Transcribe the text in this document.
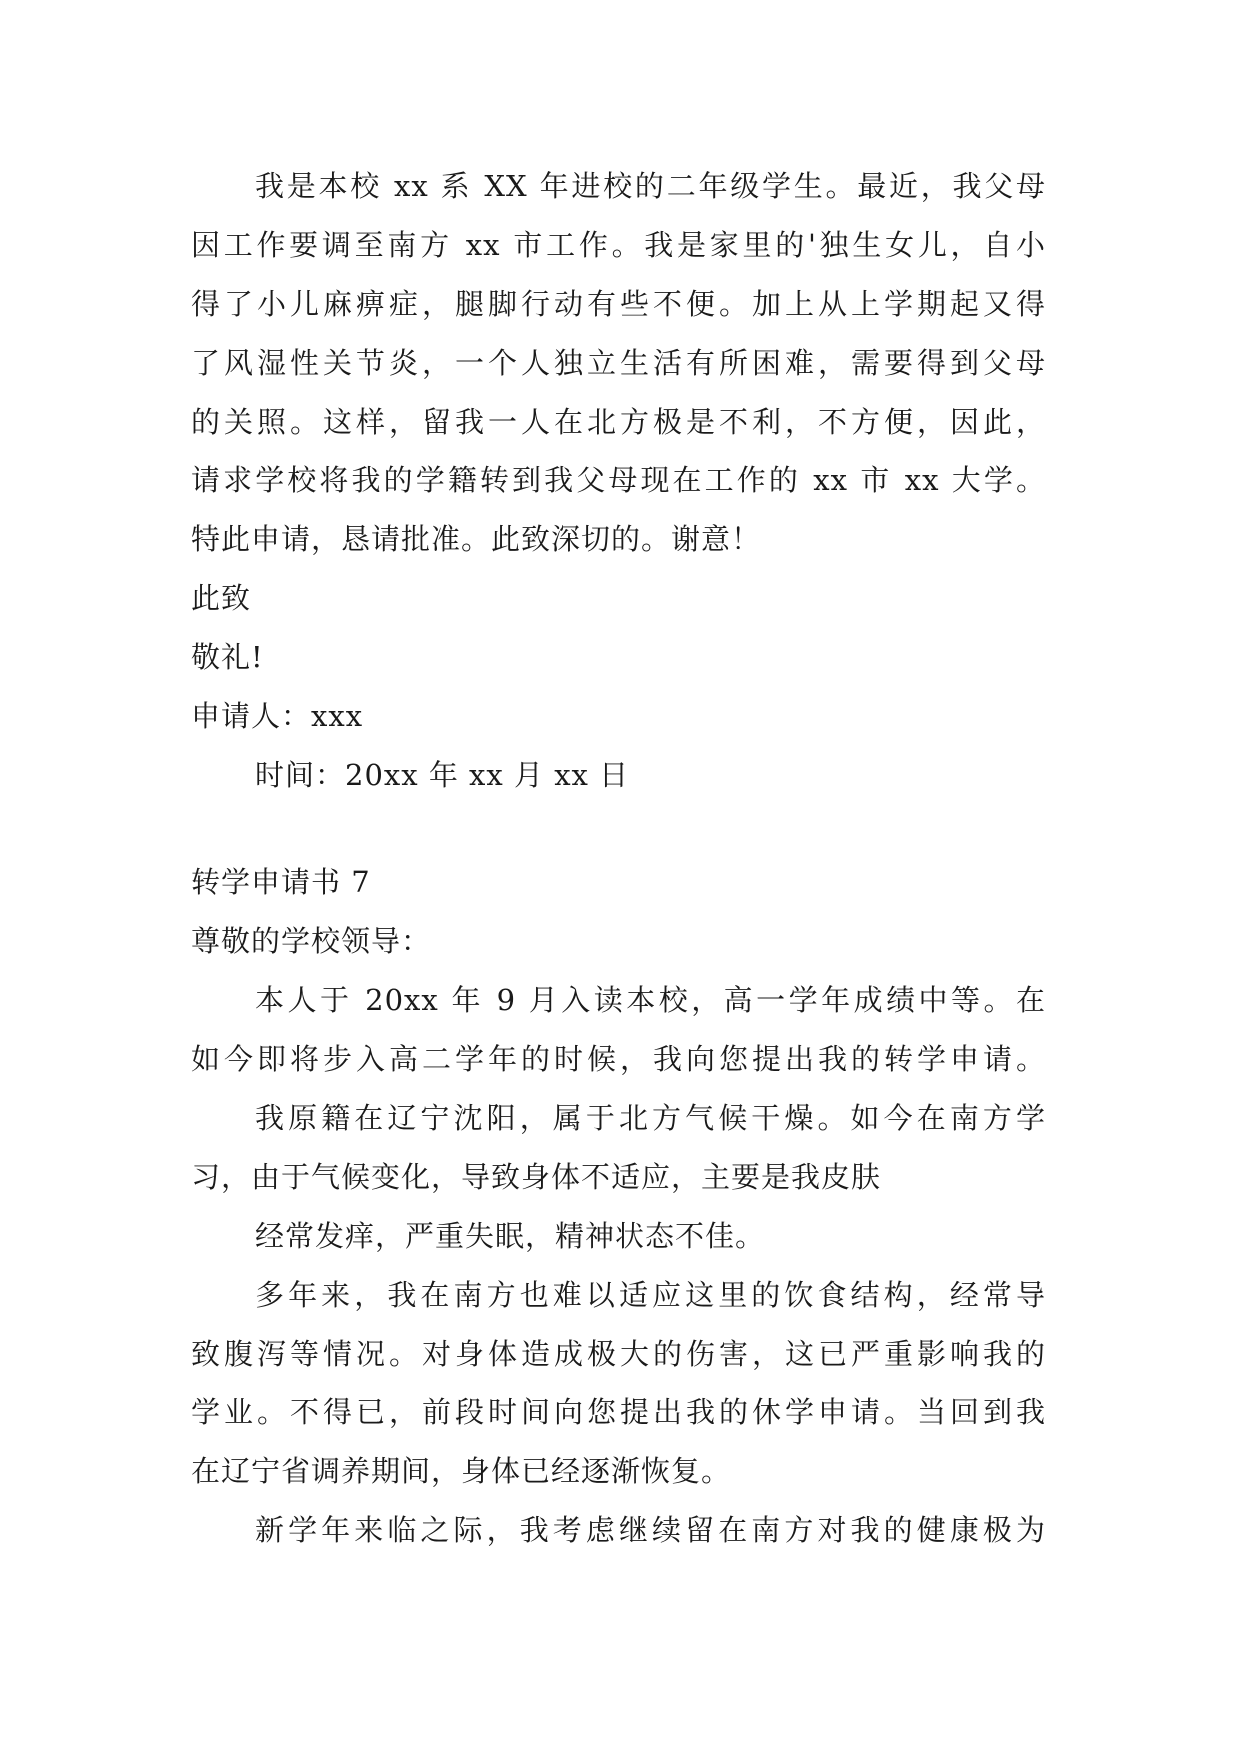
我是本校 xx 系 XX 年进校的二年级学生。最近，我父母
因工作要调至南方 xx 市工作。我是家里的'独生女儿，自小
得了小儿麻痹症，腿脚行动有些不便。加上从上学期起又得
了风湿性关节炎，一个人独立生活有所困难，需要得到父母
的关照。这样，留我一人在北方极是不利，不方便，因此，
请求学校将我的学籍转到我父母现在工作的 xx 市 xx 大学。
特此申请，恳请批准。此致深切的。谢意！
此致
敬礼!
申请人：xxx
时间：20xx 年 xx 月 xx 日
转学申请书 7
尊敬的学校领导：
本人于 20xx 年 9 月入读本校，高一学年成绩中等。在
如今即将步入高二学年的时候，我向您提出我的转学申请。
我原籍在辽宁沈阳，属于北方气候干燥。如今在南方学
习，由于气候变化，导致身体不适应，主要是我皮肤
经常发痒，严重失眠，精神状态不佳。
多年来，我在南方也难以适应这里的饮食结构，经常导
致腹泻等情况。对身体造成极大的伤害，这已严重影响我的
学业。不得已，前段时间向您提出我的休学申请。当回到我
在辽宁省调养期间，身体已经逐渐恢复。
新学年来临之际，我考虑继续留在南方对我的健康极为
